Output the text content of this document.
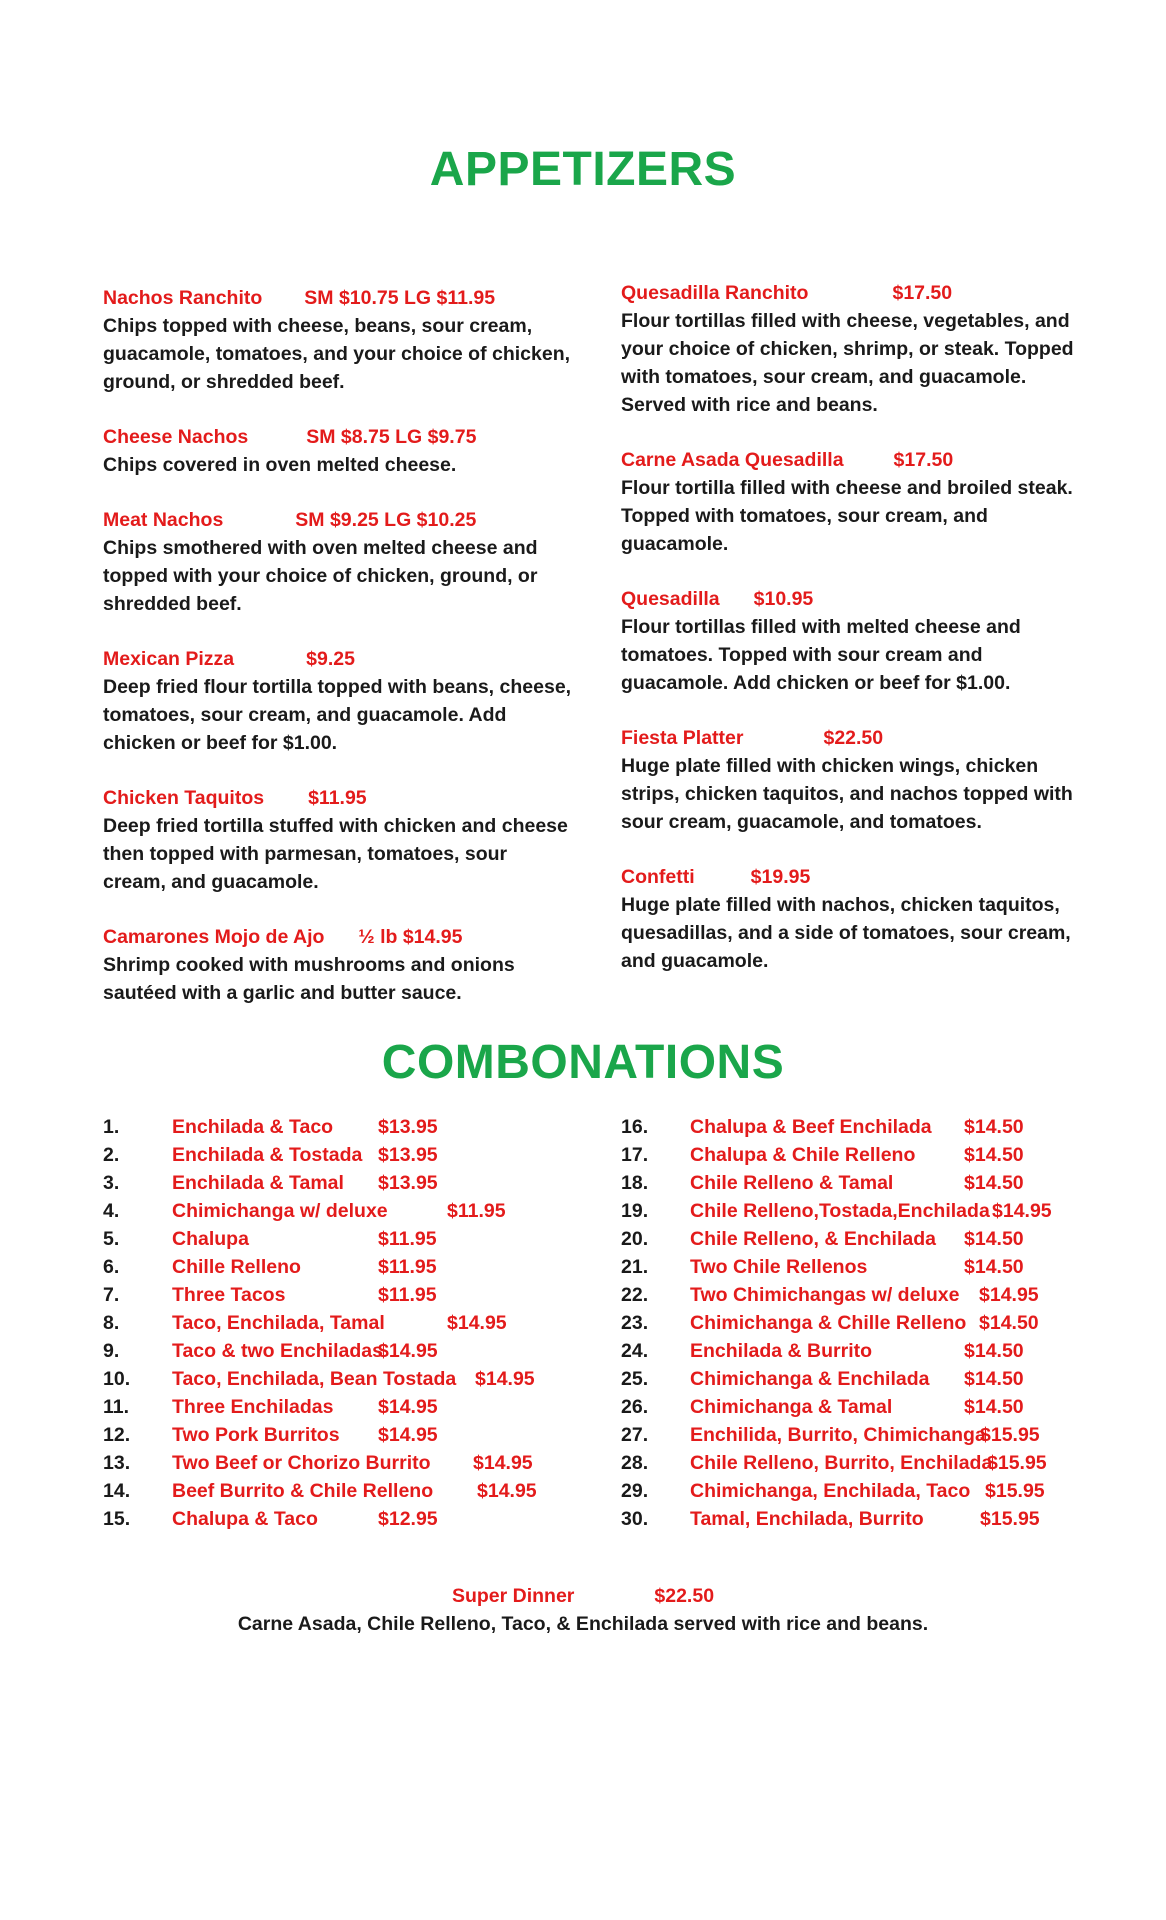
APPETIZERS
Nachos Ranchito SM $10.75 LG $11.95
Chips topped with cheese, beans, sour cream, guacamole, tomatoes, and your choice of chicken, ground, or shredded beef.
Cheese Nachos	SM $8.75 LG $9.75
Chips covered in oven melted cheese.
Meat Nachos	SM $9.25 LG $10.25
Chips smothered with oven melted cheese and topped with your choice of chicken, ground, or shredded beef.
Mexican Pizza	$9.25
Deep fried flour tortilla topped with beans, cheese, tomatoes, sour cream, and guacamole. Add chicken or beef for $1.00.
Chicken Taquitos $11.95
Deep fried tortilla stuffed with chicken and cheese then topped with parmesan, tomatoes, sour cream, and guacamole.
Camarones Mojo de Ajo ½ lb $14.95
Shrimp cooked with mushrooms and onions sautéed with a garlic and butter sauce.
Quesadilla Ranchito	$17.50
Flour tortillas filled with cheese, vegetables, and your choice of chicken, shrimp, or steak. Topped with tomatoes, sour cream, and guacamole. Served with rice and beans.
Carne Asada Quesadilla	$17.50
Flour tortilla filled with cheese and broiled steak. Topped with tomatoes, sour cream, and guacamole.
Quesadilla $10.95
Flour tortillas filled with melted cheese and tomatoes. Topped with sour cream and guacamole. Add chicken or beef for $1.00.
Fiesta Platter	$22.50
Huge plate filled with chicken wings, chicken strips, chicken taquitos, and nachos topped with sour cream, guacamole, and tomatoes.
Confetti	$19.95
Huge plate filled with nachos, chicken taquitos, quesadillas, and a side of tomatoes, sour cream, and guacamole.
COMBONATIONS
1.	Enchilada & Taco $13.95
2.	Enchilada & Tostada $13.95
3.	Enchilada & Tamal $13.95
4.	Chimichanga w/ deluxe	$11.95
5.	Chalupa	$11.95
6.	Chille Relleno	$11.95
7.	Three Tacos	$11.95
8.	Taco, Enchilada, Tamal	$14.95
9.	Taco & two Enchiladas
$14.95
10. Taco, Enchilada, Bean Tostada $14.95
11. Three Enchiladas $14.95
12. Two Pork Burritos $14.95
13. Two Beef or Chorizo Burrito $14.95
14. Beef Burrito & Chile Relleno $14.95
15. Chalupa & Taco	$12.95
16. Chalupa & Beef Enchilada $14.50
17. Chalupa & Chile Relleno $14.50
18. Chile Relleno & Tamal	$14.50
19. Chile Relleno,Tostada,Enchilada $14.95
20. Chile Relleno, & Enchilada $14.50
21. Two Chile Rellenos	$14.50
22. Two Chimichangas w/ deluxe $14.95
23. Chimichanga & Chille Relleno $14.50
24. Enchilada & Burrito	$14.50
25. Chimichanga & Enchilada $14.50
26. Chimichanga & Tamal	$14.50
27. Enchilida, Burrito, Chimichanga
$15.95
28. Chile Relleno, Burrito, Enchilada
$15.95
29. Chimichanga, Enchilada, Taco $15.95
30. Tamal, Enchilada, Burrito	$15.95
Super Dinner	$22.50
Carne Asada, Chile Relleno, Taco, & Enchilada served with rice and beans.
